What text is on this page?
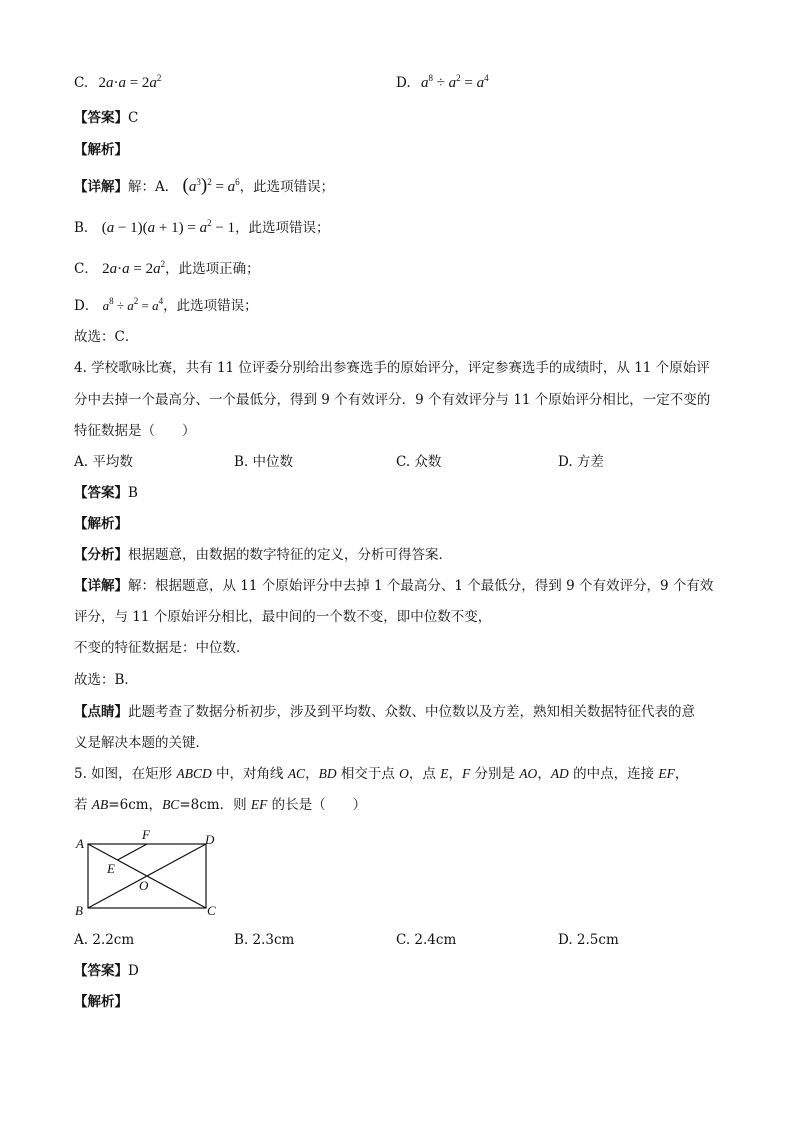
C. $2a\cdot a = 2a^2$	D. $a^8 \div a^2 = a^4$
【答案】C
【解析】
【详解】解：A． $(a^3)^2 = a^6$，此选项错误；
B． $(a - 1)(a + 1) = a^2 - 1$，此选项错误；
C． $2a\cdot a = 2a^2$，此选项正确；
D． $a^8 \div a^2 = a^4$，此选项错误；
故选：C．
4. 学校歌咏比赛，共有 11 位评委分别给出参赛选手的原始评分，评定参赛选手的成绩时，从 11 个原始评
分中去掉一个最高分、一个最低分，得到 9 个有效评分．9 个有效评分与 11 个原始评分相比，一定不变的
特征数据是（　　）
A. 平均数	B. 中位数	C. 众数	D. 方差
【答案】B
【解析】
【分析】根据题意，由数据的数字特征的定义，分析可得答案．
【详解】解：根据题意，从 11 个原始评分中去掉 1 个最高分、1 个最低分，得到 9 个有效评分，9 个有效
评分，与 11 个原始评分相比，最中间的一个数不变，即中位数不变，
不变的特征数据是：中位数．
故选：B．
【点睛】此题考查了数据分析初步，涉及到平均数、众数、中位数以及方差，熟知相关数据特征代表的意
义是解决本题的关键．
5. 如图，在矩形 ABCD 中，对角线 AC，BD 相交于点 O，点 E，F 分别是 AO，AD 的中点，连接 EF，
若 AB=6cm，BC=8cm．则 EF 的长是（　　）
A
F	D
E
O
B	C
A. 2.2cm	B. 2.3cm	C. 2.4cm	D. 2.5cm
【答案】D
【解析】
